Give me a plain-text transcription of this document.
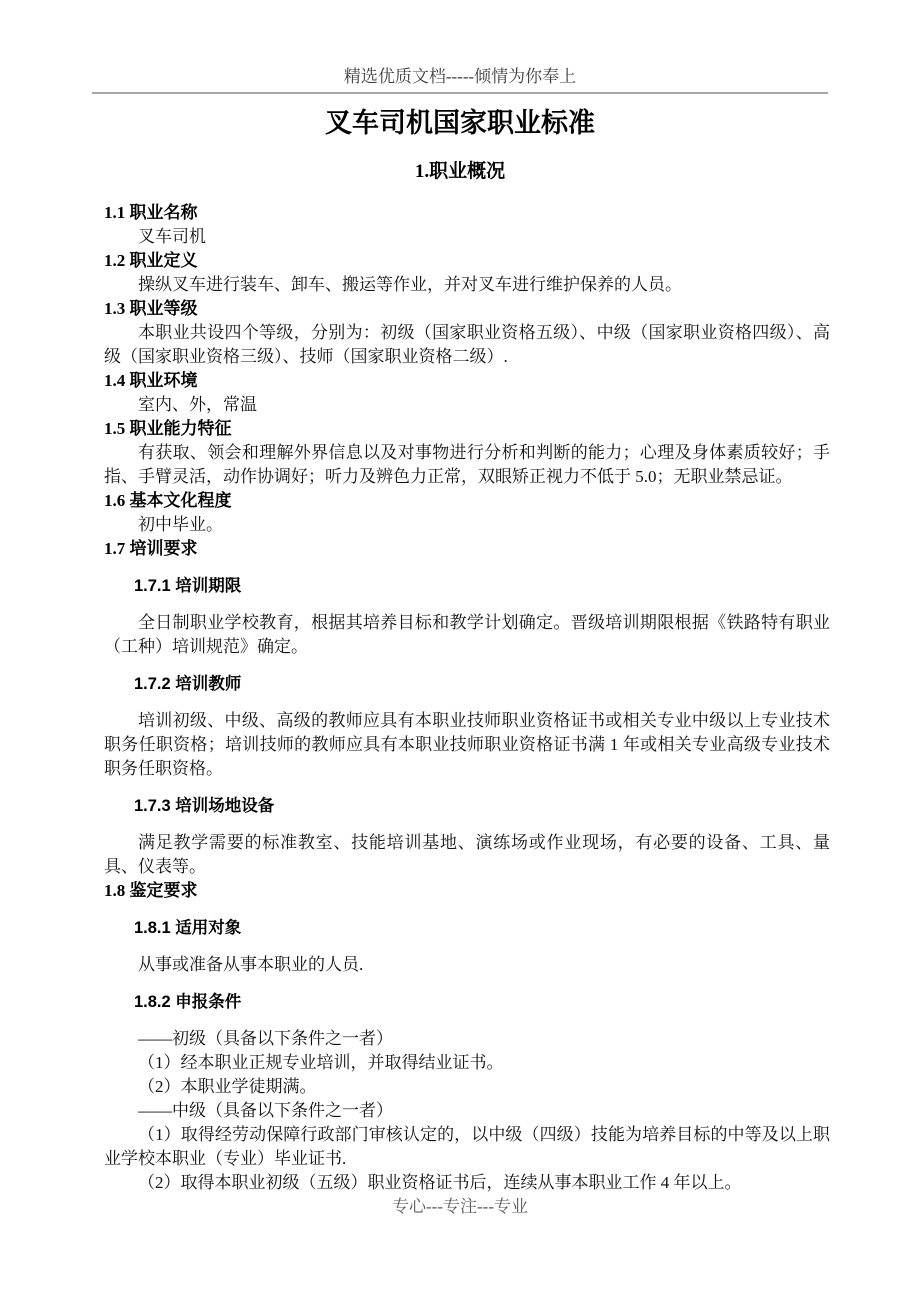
精选优质文档-----倾情为你奉上
叉车司机国家职业标准
1.职业概况
1.1 职业名称
叉车司机
1.2 职业定义
操纵叉车进行装车、卸车、搬运等作业，并对叉车进行维护保养的人员。
1.3 职业等级
本职业共设四个等级，分别为：初级（国家职业资格五级）、中级（国家职业资格四级）、高级（国家职业资格三级）、技师（国家职业资格二级）.
1.4 职业环境
室内、外，常温
1.5 职业能力特征
有获取、领会和理解外界信息以及对事物进行分析和判断的能力；心理及身体素质较好；手指、手臂灵活，动作协调好；听力及辨色力正常，双眼矫正视力不低于 5.0；无职业禁忌证。
1.6 基本文化程度
初中毕业。
1.7 培训要求
1.7.1 培训期限
全日制职业学校教育，根据其培养目标和教学计划确定。晋级培训期限根据《铁路特有职业（工种）培训规范》确定。
1.7.2 培训教师
培训初级、中级、高级的教师应具有本职业技师职业资格证书或相关专业中级以上专业技术职务任职资格；培训技师的教师应具有本职业技师职业资格证书满 1 年或相关专业高级专业技术职务任职资格。
1.7.3 培训场地设备
满足教学需要的标准教室、技能培训基地、演练场或作业现场，有必要的设备、工具、量具、仪表等。
1.8 鉴定要求
1.8.1 适用对象
从事或准备从事本职业的人员.
1.8.2 申报条件
——初级（具备以下条件之一者）
（1）经本职业正规专业培训，并取得结业证书。
（2）本职业学徒期满。
——中级（具备以下条件之一者）
（1）取得经劳动保障行政部门审核认定的，以中级（四级）技能为培养目标的中等及以上职业学校本职业（专业）毕业证书.
（2）取得本职业初级（五级）职业资格证书后，连续从事本职业工作 4 年以上。
专心---专注---专业
